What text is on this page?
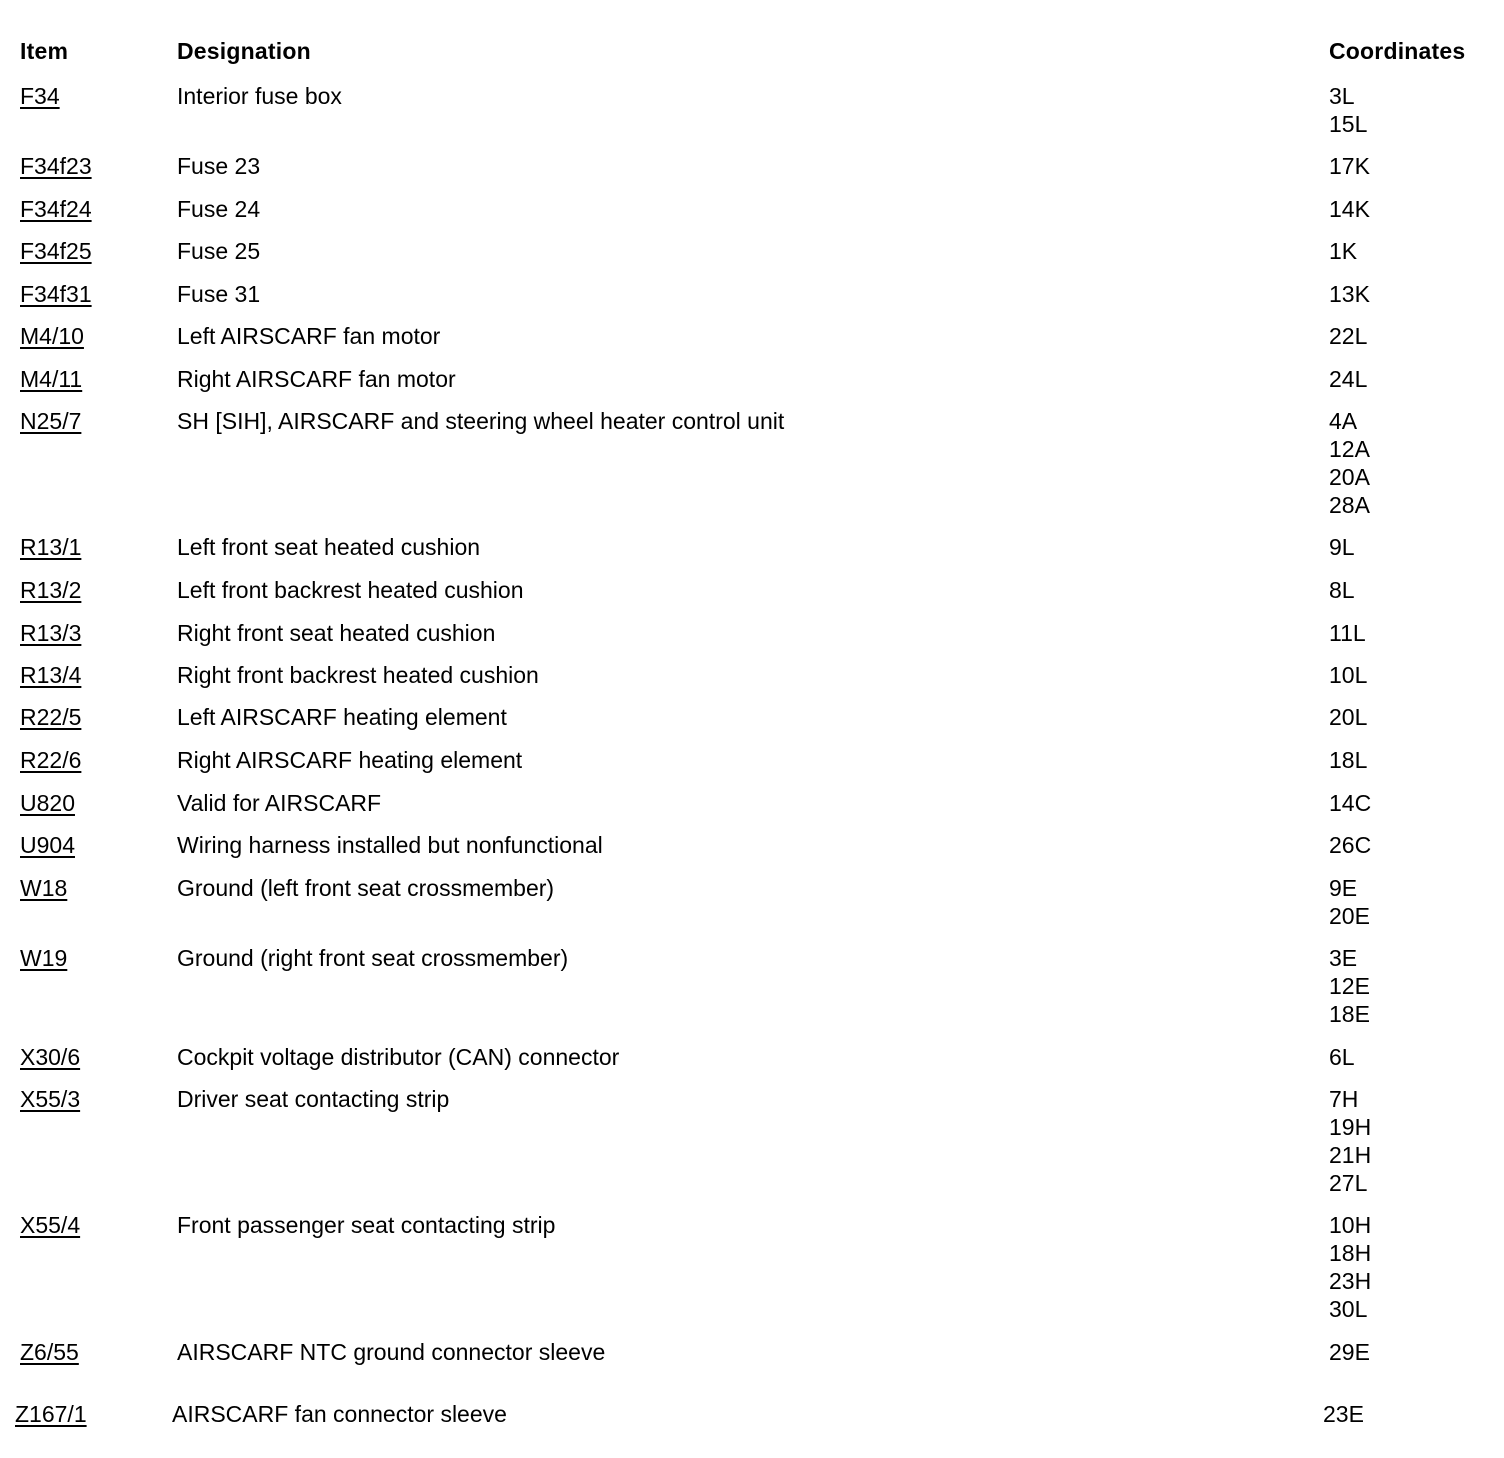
Item	Designation	Coordinates
F34	Interior fuse box	3L
15L
F34f23	Fuse 23	17K
F34f24	Fuse 24	14K
F34f25	Fuse 25	1K
F34f31	Fuse 31	13K
M4/10	Left AIRSCARF fan motor	22L
M4/11	Right AIRSCARF fan motor	24L
N25/7	SH [SIH], AIRSCARF and steering wheel heater control unit	4A
12A
20A
28A
R13/1	Left front seat heated cushion	9L
R13/2	Left front backrest heated cushion	8L
R13/3	Right front seat heated cushion	11L
R13/4	Right front backrest heated cushion	10L
R22/5	Left AIRSCARF heating element	20L
R22/6	Right AIRSCARF heating element	18L
U820	Valid for AIRSCARF	14C
U904	Wiring harness installed but nonfunctional	26C
W18	Ground (left front seat crossmember)	9E
20E
W19	Ground (right front seat crossmember)	3E
12E
18E
X30/6	Cockpit voltage distributor (CAN) connector	6L
X55/3	Driver seat contacting strip	7H
19H
21H
27L
X55/4	Front passenger seat contacting strip	10H
18H
23H
30L
Z6/55	AIRSCARF NTC ground connector sleeve	29E
Z167/1	AIRSCARF fan connector sleeve	23E
